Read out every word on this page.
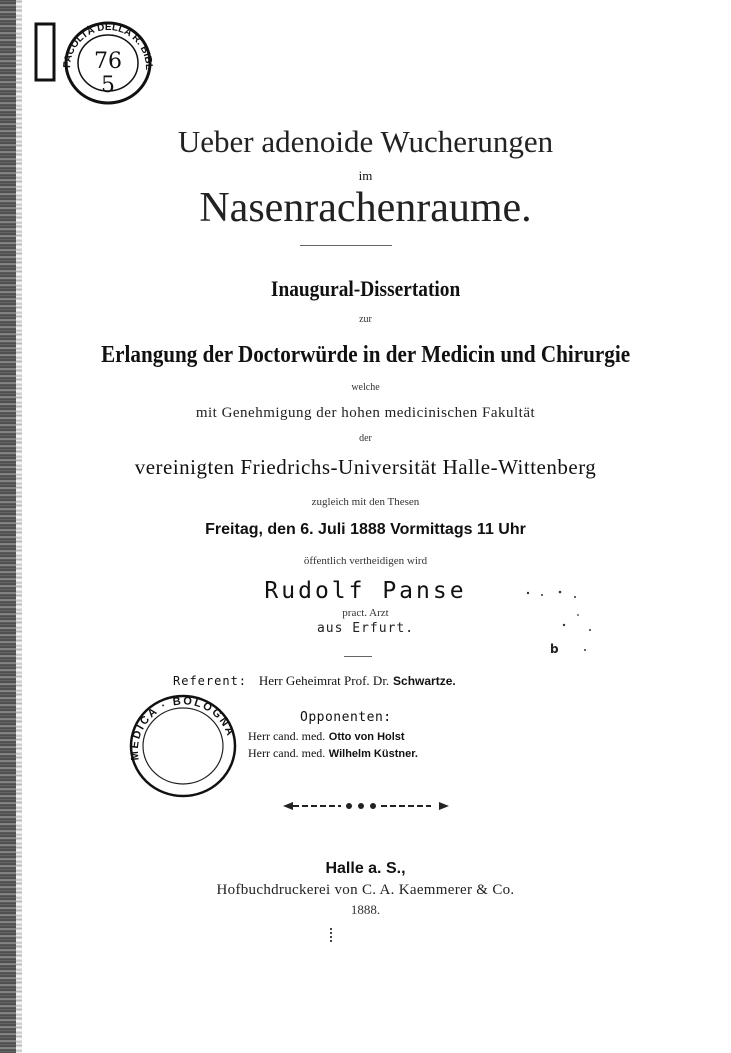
FACOLTÀ DELLA R. BIBL
76
5
Ueber adenoide Wucherungen
im
Nasenrachenraume.
Inaugural-Dissertation
zur
Erlangung der Doctorwürde in der Medicin und Chirurgie
welche
mit Genehmigung der hohen medicinischen Fakultät
der
vereinigten Friedrichs-Universität Halle-Wittenberg
zugleich mit den Thesen
Freitag, den 6. Juli 1888 Vormittags 11 Uhr
öffentlich vertheidigen wird
Rudolf Panse
pract. Arzt
aus Erfurt.
b
Referent: Herr Geheimrat Prof. Dr. Schwartze.
Opponenten:
Herr cand. med. Otto von Holst
Herr cand. med. Wilhelm Küstner.
MEDICA · BOLOGNA
Halle a. S.,
Hofbuchdruckerei von C. A. Kaemmerer & Co.
1888.
